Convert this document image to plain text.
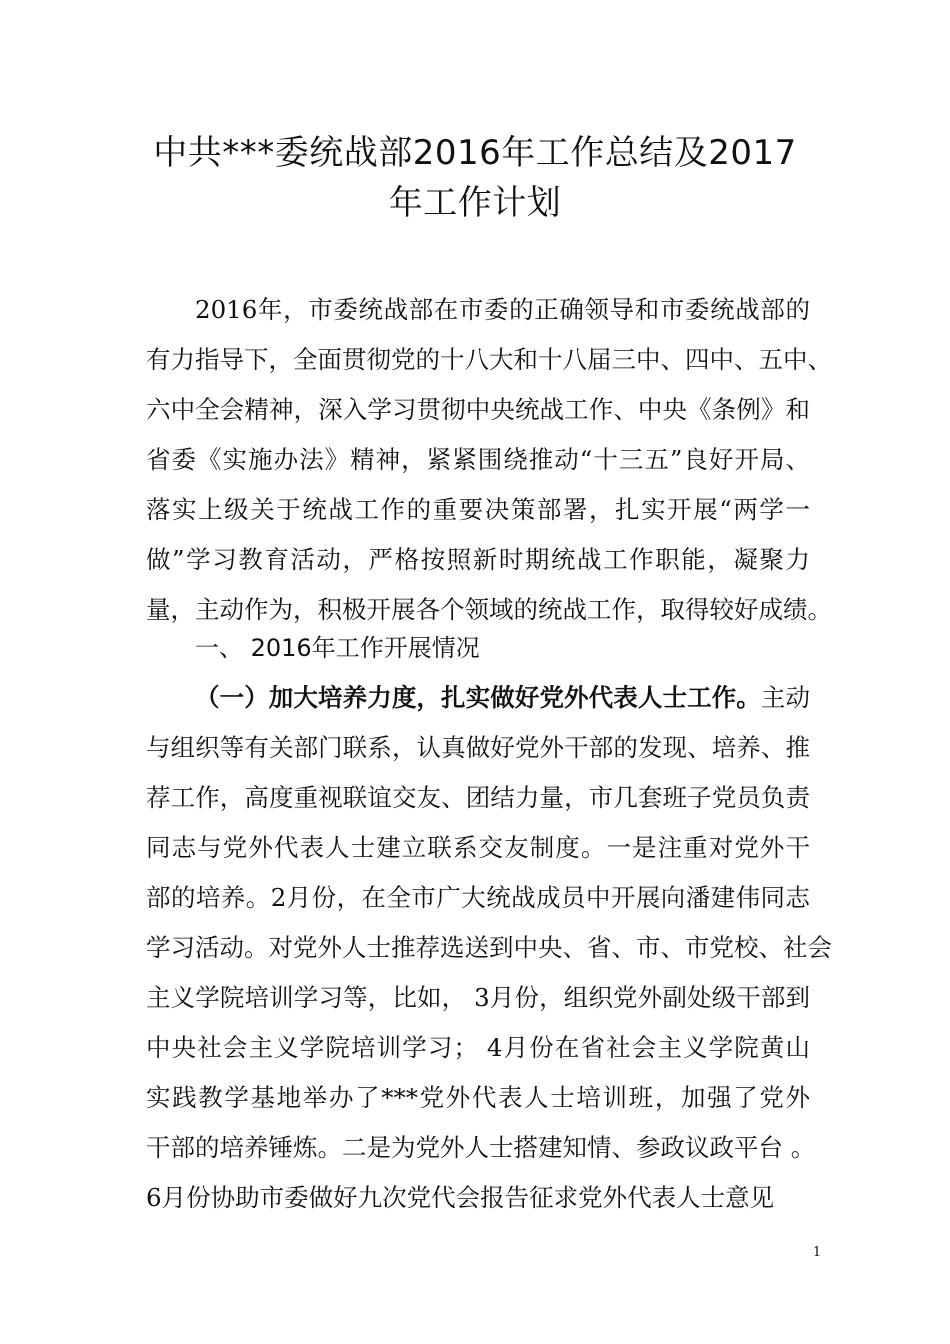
中共***委统战部2016年工作总结及2017
年工作计划
2016年，市委统战部在市委的正确领导和市委统战部的
有力指导下，全面贯彻党的十八大和十八届三中、四中、五中、
六中全会精神，深入学习贯彻中央统战工作、中央《条例》和
省委《实施办法》精神，紧紧围绕推动“十三五”良好开局、
落实上级关于统战工作的重要决策部署，扎实开展“两学一
做”学习教育活动，严格按照新时期统战工作职能，凝聚力
量，主动作为，积极开展各个领域的统战工作，取得较好成绩。
一、 2016年工作开展情况
（一）加大培养力度，扎实做好党外代表人士工作。主动
与组织等有关部门联系，认真做好党外干部的发现、培养、推
荐工作，高度重视联谊交友、团结力量，市几套班子党员负责
同志与党外代表人士建立联系交友制度。一是注重对党外干
部的培养。2月份，在全市广大统战成员中开展向潘建伟同志
学习活动。对党外人士推荐选送到中央、省、市、市党校、社会
主义学院培训学习等，比如， 3月份，组织党外副处级干部到
中央社会主义学院培训学习； 4月份在省社会主义学院黄山
实践教学基地举办了***党外代表人士培训班，加强了党外
干部的培养锤炼。二是为党外人士搭建知情、参政议政平台 。
6月份协助市委做好九次党代会报告征求党外代表人士意见
1
